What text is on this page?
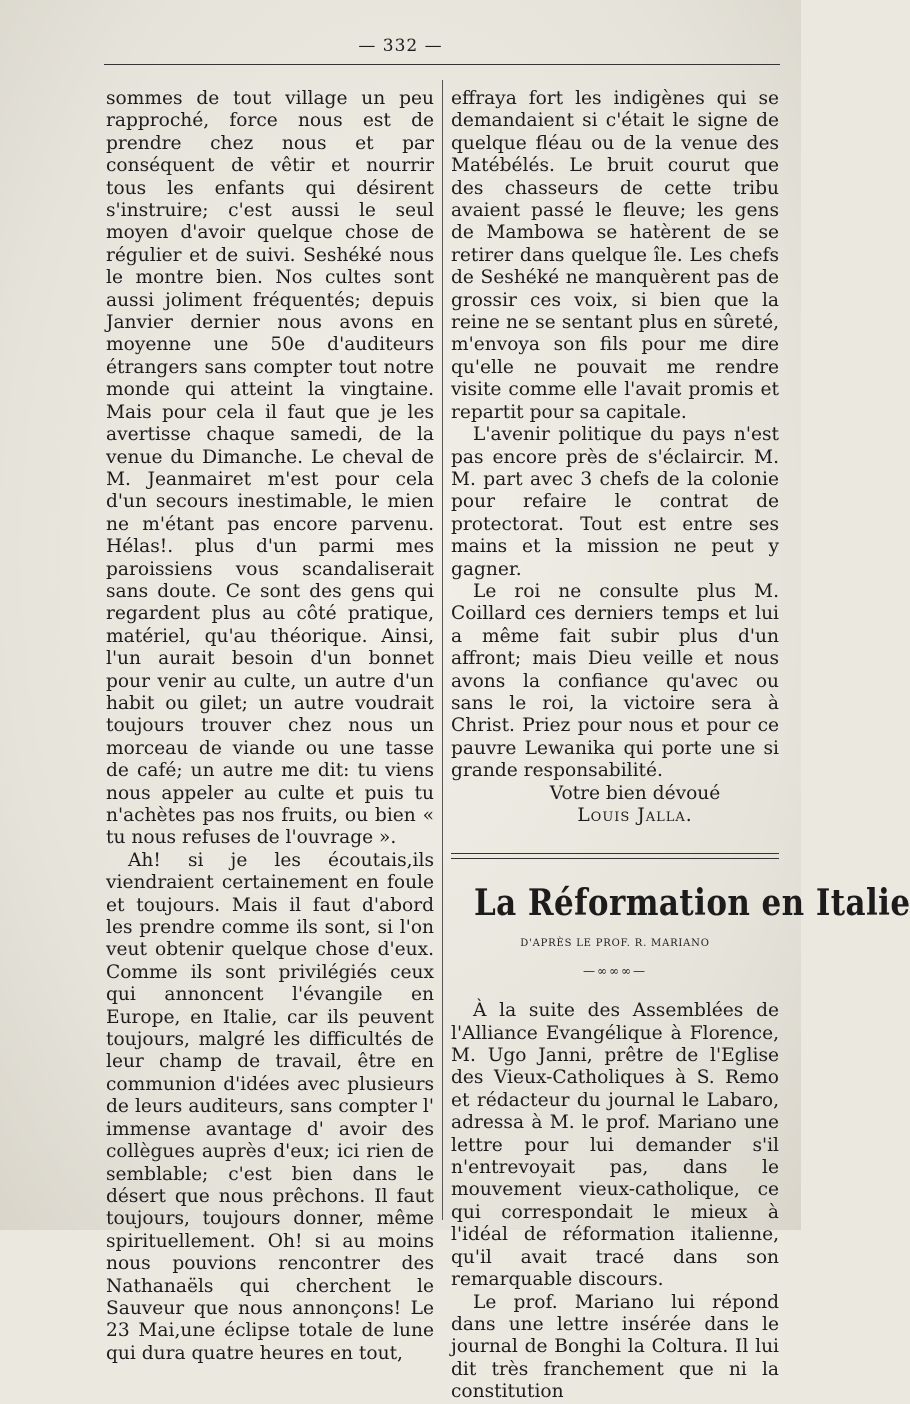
— 332 —

sommes de tout village un peu rapproché, force nous est de prendre chez nous et par conséquent de vêtir et nourrir tous les enfants qui désirent s'instruire; c'est aussi le seul moyen d'avoir quelque chose de régulier et de suivi. Seshéké nous le montre bien. Nos cultes sont aussi joliment fréquentés; depuis Janvier dernier nous avons en moyenne une 50e d'auditeurs étrangers sans compter tout notre monde qui atteint la vingtaine. Mais pour cela il faut que je les avertisse chaque samedi, de la venue du Dimanche. Le cheval de M. Jeanmairet m'est pour cela d'un secours inestimable, le mien ne m'étant pas encore parvenu. Hélas!. plus d'un parmi mes paroissiens vous scandaliserait sans doute. Ce sont des gens qui regardent plus au côté pratique, matériel, qu'au théorique. Ainsi, l'un aurait besoin d'un bonnet pour venir au culte, un autre d'un habit ou gilet; un autre voudrait toujours trouver chez nous un morceau de viande ou une tasse de café; un autre me dit: tu viens nous appeler au culte et puis tu n'achètes pas nos fruits, ou bien « tu nous refuses de l'ouvrage ».

Ah! si je les écoutais,ils viendraient certainement en foule et toujours. Mais il faut d'abord les prendre comme ils sont, si l'on veut obtenir quelque chose d'eux. Comme ils sont privilégiés ceux qui annoncent l'évangile en Europe, en Italie, car ils peuvent toujours, malgré les difficultés de leur champ de travail, être en communion d'idées avec plusieurs de leurs auditeurs, sans compter l' immense avantage d' avoir des collègues auprès d'eux; ici rien de semblable; c'est bien dans le désert que nous prêchons. Il faut toujours, toujours donner, même spirituellement. Oh! si au moins nous pouvions rencontrer des Nathanaëls qui cherchent le Sauveur que nous annonçons! Le 23 Mai,une éclipse totale de lune qui dura quatre heures en tout,

effraya fort les indigènes qui se demandaient si c'était le signe de quelque fléau ou de la venue des Matébélés. Le bruit courut que des chasseurs de cette tribu avaient passé le fleuve; les gens de Mambowa se hatèrent de se retirer dans quelque île. Les chefs de Seshéké ne manquèrent pas de grossir ces voix, si bien que la reine ne se sentant plus en sûreté, m'envoya son fils pour me dire qu'elle ne pouvait me rendre visite comme elle l'avait promis et repartit pour sa capitale.

L'avenir politique du pays n'est pas encore près de s'éclaircir. M. M. part avec 3 chefs de la colonie pour refaire le contrat de protectorat. Tout est entre ses mains et la mission ne peut y gagner.

Le roi ne consulte plus M. Coillard ces derniers temps et lui a même fait subir plus d'un affront; mais Dieu veille et nous avons la confiance qu'avec ou sans le roi, la victoire sera à Christ. Priez pour nous et pour ce pauvre Lewanika qui porte une si grande responsabilité.

Votre bien dévoué

Louis Jalla.

La Réformation en Italie
D'APRÈS LE PROF. R. MARIANO
—∞∞∞—

À la suite des Assemblées de l'Alliance Evangélique à Florence, M. Ugo Janni, prêtre de l'Eglise des Vieux-Catholiques à S. Remo et rédacteur du journal le Labaro, adressa à M. le prof. Mariano une lettre pour lui demander s'il n'entrevoyait pas, dans le mouvement vieux-catholique, ce qui correspondait le mieux à l'idéal de réformation italienne, qu'il avait tracé dans son remarquable discours.

Le prof. Mariano lui répond dans une lettre insérée dans le journal de Bonghi la Coltura. Il lui dit très franchement que ni la constitution
